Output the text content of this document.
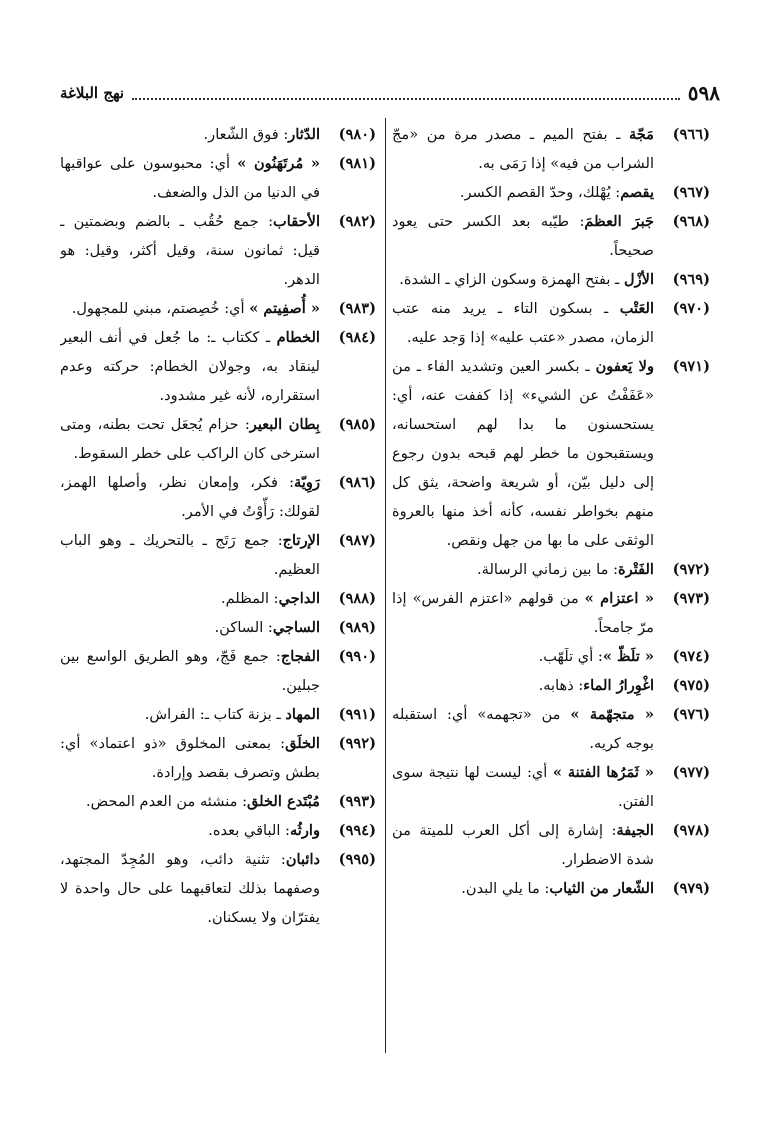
٥٩٨
نهج البلاغة
(٩٦٦)
مَجّة ـ بفتح الميم ـ مصدر مرة من «مجّ الشراب من فيه» إذا رَمَى به.
(٩٦٧)
يقصم: يُهْلك، وحدّ القصم الكسر.
(٩٦٨)
جَبرَ العظمَ: طيّبه بعد الكسر حتى يعود صحيحاً.
(٩٦٩)
الأزْل ـ بفتح الهمزة وسكون الزاي ـ الشدة.
(٩٧٠)
العَتْب ـ بسكون التاء ـ يريد منه عتب الزمان، مصدر «عتب عليه» إذا وَجد عليه.
(٩٧١)
ولا يَعفون ـ بكسر العين وتشديد الفاء ـ من «عَفَفْتُ عن الشيء» إذا كففت عنه، أي: يستحسنون ما بدا لهم استحسانه، ويستقبحون ما خطر لهم قبحه بدون رجوع إلى دليل بيّن، أو شريعة واضحة، يثق كل منهم بخواطر نفسه، كأنه أخذ منها بالعروة الوثقى على ما بها من جهل ونقص.
(٩٧٢)
الفَتْرة: ما بين زماني الرسالة.
(٩٧٣)
« اعتزام » من قولهم «اعتزم الفرس» إذا مرّ جامحاً.
(٩٧٤)
« تلَظّ »: أي تلَهّب.
(٩٧٥)
اغْوِرارُ الماء: ذهابه.
(٩٧٦)
« متجهّمة » من «تجهمه» أي: استقبله بوجه كريه.
(٩٧٧)
« ثَمَرُها الفتنة » أي: ليست لها نتيجة سوى الفتن.
(٩٧٨)
الجيفة: إشارة إلى أكل العرب للميتة من شدة الاضطرار.
(٩٧٩)
الشّعار من الثياب: ما يلي البدن.
(٩٨٠)
الدّثار: فوق الشّعار.
(٩٨١)
« مُرتَهَنُون » أي: محبوسون على عواقبها في الدنيا من الذل والضعف.
(٩٨٢)
الأحقاب: جمع حُقُب ـ بالضم وبضمتين ـ قيل: ثمانون سنة، وقيل أكثر، وقيل: هو الدهر.
(٩٨٣)
« أُصفِيتم » أي: خُصِصتم، مبني للمجهول.
(٩٨٤)
الخطام ـ ككتاب ـ: ما جُعل في أنف البعير لينقاد به، وجولان الخطام: حركته وعدم استقراره، لأنه غير مشدود.
(٩٨٥)
بِطان البعير: حزام يُجعَل تحت بطنه، ومتى استرخى كان الراكب على خطر السقوط.
(٩٨٦)
رَوِيّة: فكر، وإمعان نظر، وأصلها الهمز، لقولك: رَأّوْتُ في الأمر.
(٩٨٧)
الإرتاج: جمع رَتَج ـ بالتحريك ـ وهو الباب العظيم.
(٩٨٨)
الداجي: المظلم.
(٩٨٩)
الساجي: الساكن.
(٩٩٠)
الفجاج: جمع فَجّ، وهو الطريق الواسع بين جبلين.
(٩٩١)
المهاد ـ بزنة كتاب ـ: الفراش.
(٩٩٢)
الخلَق: بمعنى المخلوق «ذو اعتماد» أي: بطش وتصرف بقصد وإرادة.
(٩٩٣)
مُبْتَدع الخلق: منشئه من العدم المحض.
(٩٩٤)
وارثُه: الباقي بعده.
(٩٩٥)
دائبان: تثنية دائب، وهو المُجِدّ المجتهد، وصفهما بذلك لتعاقبهما على حال واحدة لا يفترّان ولا يسكنان.
